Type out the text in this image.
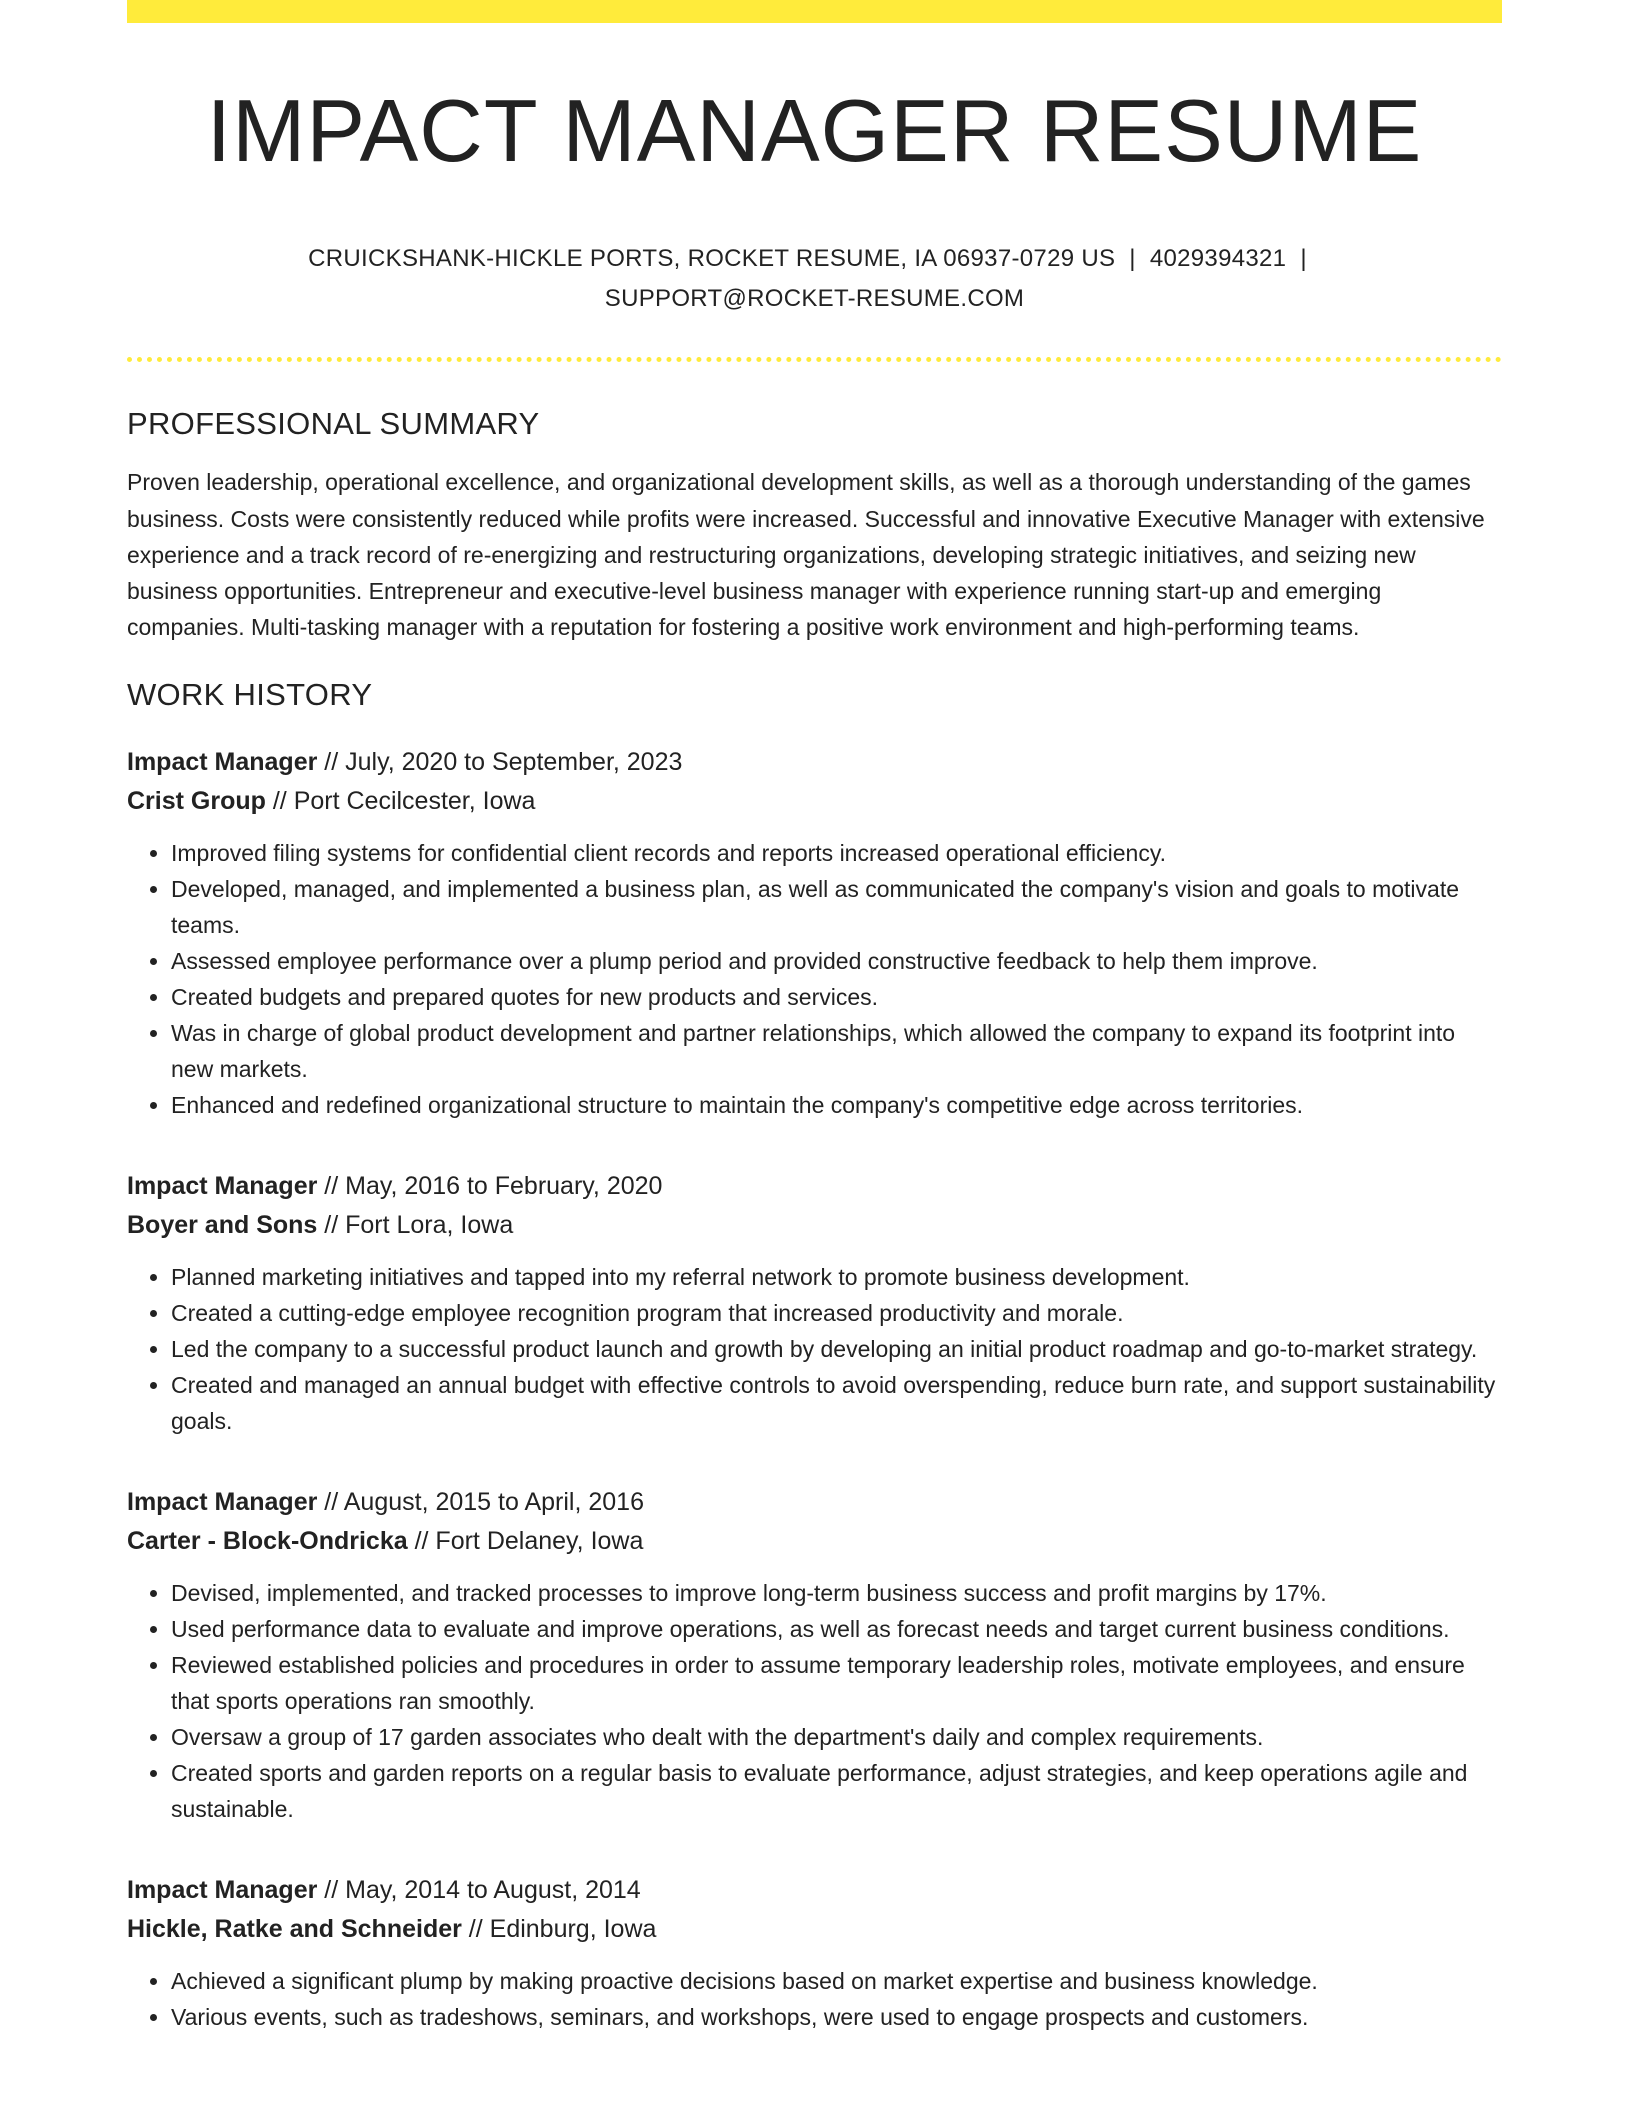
IMPACT MANAGER RESUME
CRUICKSHANK-HICKLE PORTS, ROCKET RESUME, IA 06937-0729 US | 4029394321 |
SUPPORT@ROCKET-RESUME.COM
PROFESSIONAL SUMMARY

Proven leadership, operational excellence, and organizational development skills, as well as a thorough understanding of the games business. Costs were consistently reduced while profits were increased. Successful and innovative Executive Manager with extensive experience and a track record of re-energizing and restructuring organizations, developing strategic initiatives, and seizing new business opportunities. Entrepreneur and executive-level business manager with experience running start-up and emerging companies. Multi-tasking manager with a reputation for fostering a positive work environment and high-performing teams.

WORK HISTORY
Impact Manager // July, 2020 to September, 2023
Crist Group // Port Cecilcester, Iowa
• Improved filing systems for confidential client records and reports increased operational efficiency.
• Developed, managed, and implemented a business plan, as well as communicated the company's vision and goals to motivate teams.
• Assessed employee performance over a plump period and provided constructive feedback to help them improve.
• Created budgets and prepared quotes for new products and services.
• Was in charge of global product development and partner relationships, which allowed the company to expand its footprint into new markets.
• Enhanced and redefined organizational structure to maintain the company's competitive edge across territories.
Impact Manager // May, 2016 to February, 2020
Boyer and Sons // Fort Lora, Iowa
• Planned marketing initiatives and tapped into my referral network to promote business development.
• Created a cutting-edge employee recognition program that increased productivity and morale.
• Led the company to a successful product launch and growth by developing an initial product roadmap and go-to-market strategy.
• Created and managed an annual budget with effective controls to avoid overspending, reduce burn rate, and support sustainability goals.
Impact Manager // August, 2015 to April, 2016
Carter - Block-Ondricka // Fort Delaney, Iowa
• Devised, implemented, and tracked processes to improve long-term business success and profit margins by 17%.
• Used performance data to evaluate and improve operations, as well as forecast needs and target current business conditions.
• Reviewed established policies and procedures in order to assume temporary leadership roles, motivate employees, and ensure that sports operations ran smoothly.
• Oversaw a group of 17 garden associates who dealt with the department's daily and complex requirements.
• Created sports and garden reports on a regular basis to evaluate performance, adjust strategies, and keep operations agile and sustainable.
Impact Manager // May, 2014 to August, 2014
Hickle, Ratke and Schneider // Edinburg, Iowa
• Achieved a significant plump by making proactive decisions based on market expertise and business knowledge.
• Various events, such as tradeshows, seminars, and workshops, were used to engage prospects and customers.
